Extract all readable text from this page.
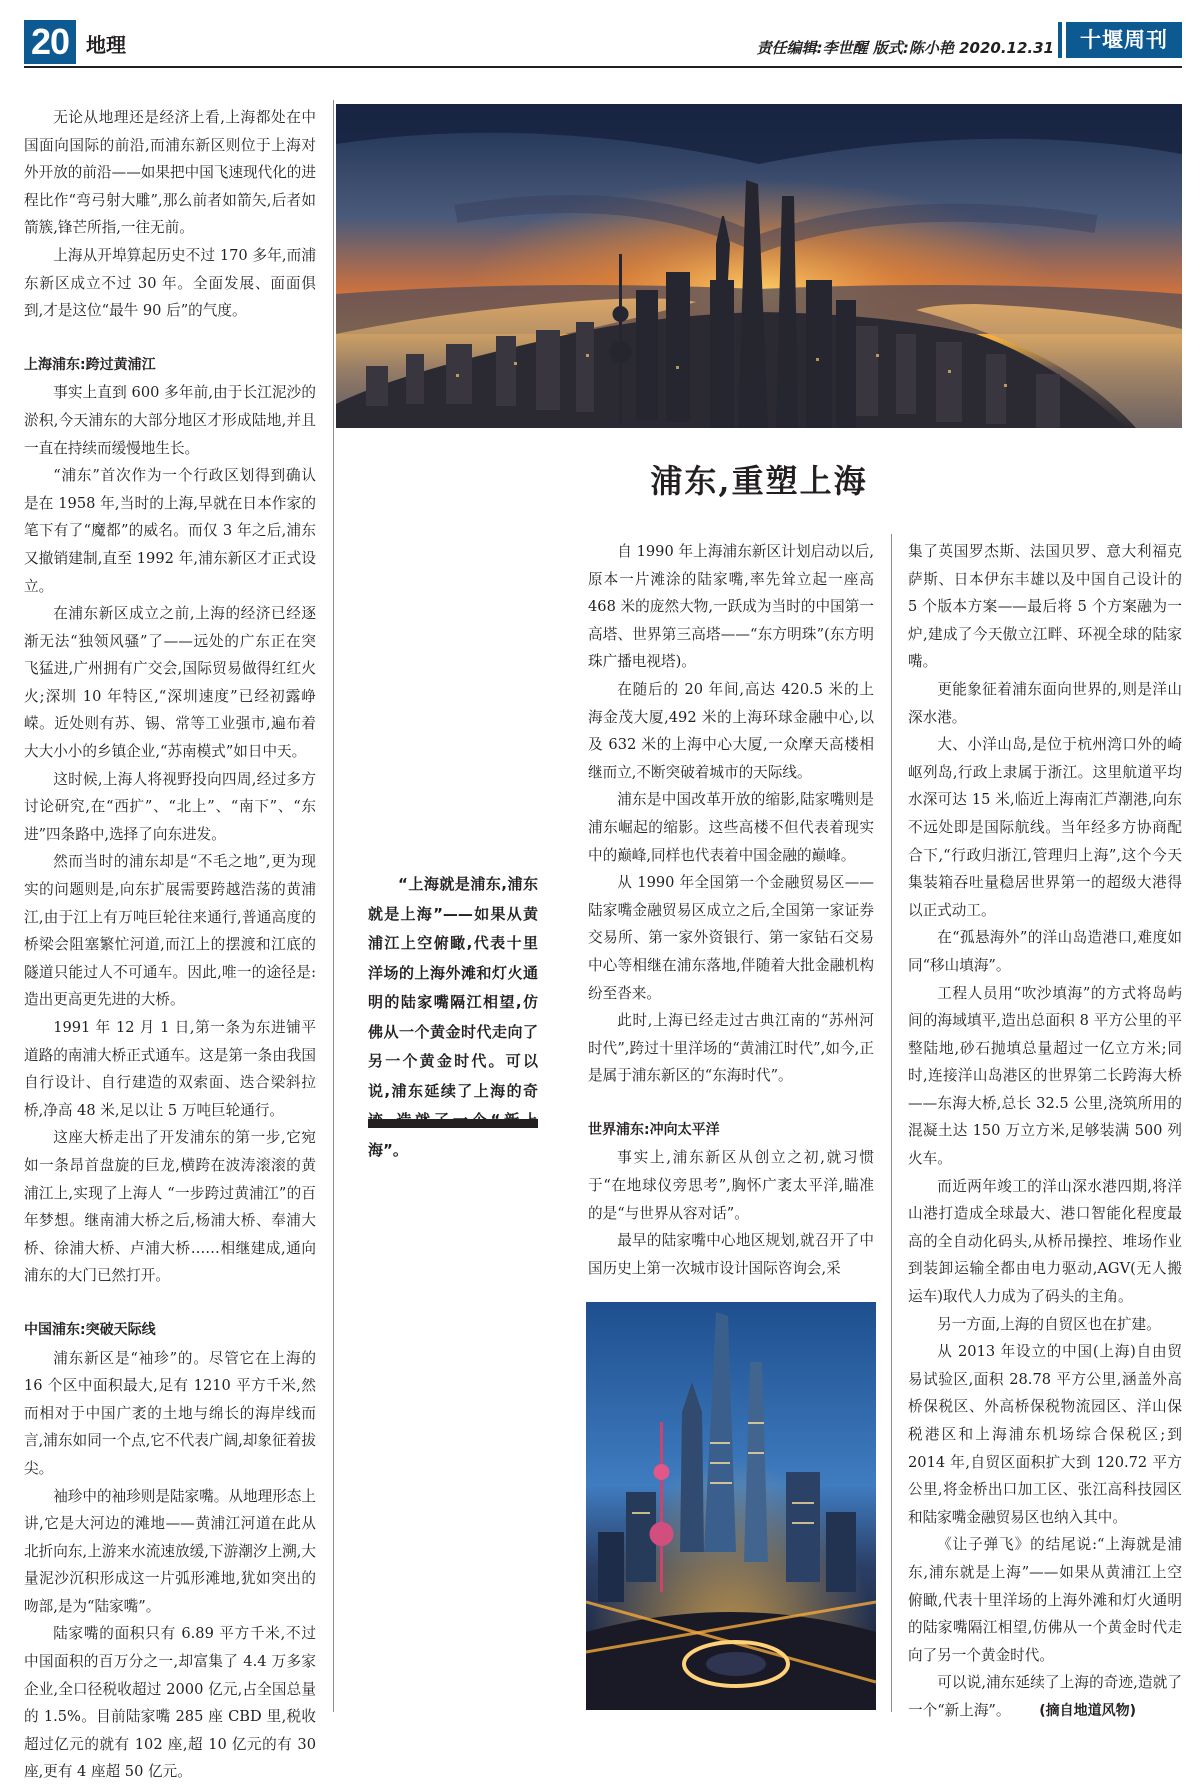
20 地理	责任编辑:李世醒 版式:陈小艳 2020.12.31	十堰周刊
浦东,重塑上海

无论从地理还是经济上看,上海都处在中国面向国际的前沿,而浦东新区则位于上海对外开放的前沿——如果把中国飞速现代化的进程比作“弯弓射大雕”,那么前者如箭矢,后者如箭簇,锋芒所指,一往无前。

上海从开埠算起历史不过 170 多年,而浦东新区成立不过 30 年。全面发展、面面俱到,才是这位“最牛 90 后”的气度。

上海浦东:跨过黄浦江

事实上直到 600 多年前,由于长江泥沙的淤积,今天浦东的大部分地区才形成陆地,并且一直在持续而缓慢地生长。

“浦东”首次作为一个行政区划得到确认是在 1958 年,当时的上海,早就在日本作家的笔下有了“魔都”的威名。而仅 3 年之后,浦东又撤销建制,直至 1992 年,浦东新区才正式设立。

在浦东新区成立之前,上海的经济已经逐渐无法“独领风骚”了——远处的广东正在突飞猛进,广州拥有广交会,国际贸易做得红红火火;深圳 10 年特区,“深圳速度”已经初露峥嵘。近处则有苏、锡、常等工业强市,遍布着大大小小的乡镇企业,“苏南模式”如日中天。

这时候,上海人将视野投向四周,经过多方讨论研究,在“西扩”、“北上”、“南下”、“东进”四条路中,选择了向东进发。

然而当时的浦东却是“不毛之地”,更为现实的问题则是,向东扩展需要跨越浩荡的黄浦江,由于江上有万吨巨轮往来通行,普通高度的桥梁会阻塞繁忙河道,而江上的摆渡和江底的隧道只能过人不可通车。因此,唯一的途径是:造出更高更先进的大桥。

1991 年 12 月 1 日,第一条为东进铺平道路的南浦大桥正式通车。这是第一条由我国自行设计、自行建造的双索面、迭合梁斜拉桥,净高 48 米,足以让 5 万吨巨轮通行。

这座大桥走出了开发浦东的第一步,它宛如一条昂首盘旋的巨龙,横跨在波涛滚滚的黄浦江上,实现了上海人 “一步跨过黄浦江”的百年梦想。继南浦大桥之后,杨浦大桥、奉浦大桥、徐浦大桥、卢浦大桥……相继建成,通向浦东的大门已然打开。

中国浦东:突破天际线

浦东新区是“袖珍”的。尽管它在上海的 16 个区中面积最大,足有 1210 平方千米,然而相对于中国广袤的土地与绵长的海岸线而言,浦东如同一个点,它不代表广阔,却象征着拔尖。

袖珍中的袖珍则是陆家嘴。从地理形态上讲,它是大河边的滩地——黄浦江河道在此从北折向东,上游来水流速放缓,下游潮汐上溯,大量泥沙沉积形成这一片弧形滩地,犹如突出的吻部,是为“陆家嘴”。

陆家嘴的面积只有 6.89 平方千米,不过中国面积的百万分之一,却富集了 4.4 万多家企业,全口径税收超过 2000 亿元,占全国总量的 1.5%。目前陆家嘴 285 座 CBD 里,税收超过亿元的就有 102 座,超 10 亿元的有 30 座,更有 4 座超 50 亿元。

“上海就是浦东,浦东就是上海”——如果从黄浦江上空俯瞰,代表十里洋场的上海外滩和灯火通明的陆家嘴隔江相望,仿佛从一个黄金时代走向了另一个黄金时代。可以说,浦东延续了上海的奇 海”。

自 1990 年上海浦东新区计划启动以后,原本一片滩涂的陆家嘴,率先耸立起一座高 468 米的庞然大物,一跃成为当时的中国第一高塔、世界第三高塔——“东方明珠”(东方明珠广播电视塔)。

在随后的 20 年间,高达 420.5 米的上海金茂大厦,492 米的上海环球金融中心,以及 632 米的上海中心大厦,一众摩天高楼相继而立,不断突破着城市的天际线。

浦东是中国改革开放的缩影,陆家嘴则是浦东崛起的缩影。这些高楼不但代表着现实中的巅峰,同样也代表着中国金融的巅峰。

从 1990 年全国第一个金融贸易区——陆家嘴金融贸易区成立之后,全国第一家证券交易所、第一家外资银行、第一家钻石交易中心等相继在浦东落地,伴随着大批金融机构纷至沓来。

此时,上海已经走过古典江南的“苏州河时代”,跨过十里洋场的“黄浦江时代”,如今,正是属于浦东新区的“东海时代”。

世界浦东:冲向太平洋

事实上,浦东新区从创立之初,就习惯于“在地球仪旁思考”,胸怀广袤太平洋,瞄准的是“与世界从容对话”。

最早的陆家嘴中心地区规划,就召开了中国历史上第一次城市设计国际咨询会,采

集了英国罗杰斯、法国贝罗、意大利福克萨斯、日本伊东丰雄以及中国自己设计的 5 个版本方案——最后将 5 个方案融为一炉,建成了今天傲立江畔、环视全球的陆家嘴。

更能象征着浦东面向世界的,则是洋山深水港。

大、小洋山岛,是位于杭州湾口外的崎岖列岛,行政上隶属于浙江。这里航道平均水深可达 15 米,临近上海南汇芦潮港,向东不远处即是国际航线。当年经多方协商配合下,“行政归浙江,管理归上海”,这个今天集装箱吞吐量稳居世界第一的超级大港得以正式动工。

在“孤悬海外”的洋山岛造港口,难度如同“移山填海”。

工程人员用“吹沙填海”的方式将岛屿间的海域填平,造出总面积 8 平方公里的平整陆地,砂石抛填总量超过一亿立方米;同时,连接洋山岛港区的世界第二长跨海大桥——东海大桥,总长 32.5 公里,浇筑所用的混凝土达 150 万立方米,足够装满 500 列火车。

而近两年竣工的洋山深水港四期,将洋山港打造成全球最大、港口智能化程度最高的全自动化码头,从桥吊操控、堆场作业到装卸运输全都由电力驱动,AGV(无人搬运车)取代人力成为了码头的主角。

另一方面,上海的自贸区也在扩建。

从 2013 年设立的中国(上海)自由贸易试验区,面积 28.78 平方公里,涵盖外高桥保税区、外高桥保税物流园区、洋山保税港区和上海浦东机场综合保税区;到 2014 年,自贸区面积扩大到 120.72 平方公里,将金桥出口加工区、张江高科技园区和陆家嘴金融贸易区也纳入其中。

《让子弹飞》的结尾说:“上海就是浦东,浦东就是上海”——如果从黄浦江上空俯瞰,代表十里洋场的上海外滩和灯火通明的陆家嘴隔江相望,仿佛从一个黄金时代走向了另一个黄金时代。

可以说,浦东延续了上海的奇迹,造就了一个“新上海”。	(摘自地道风物)
